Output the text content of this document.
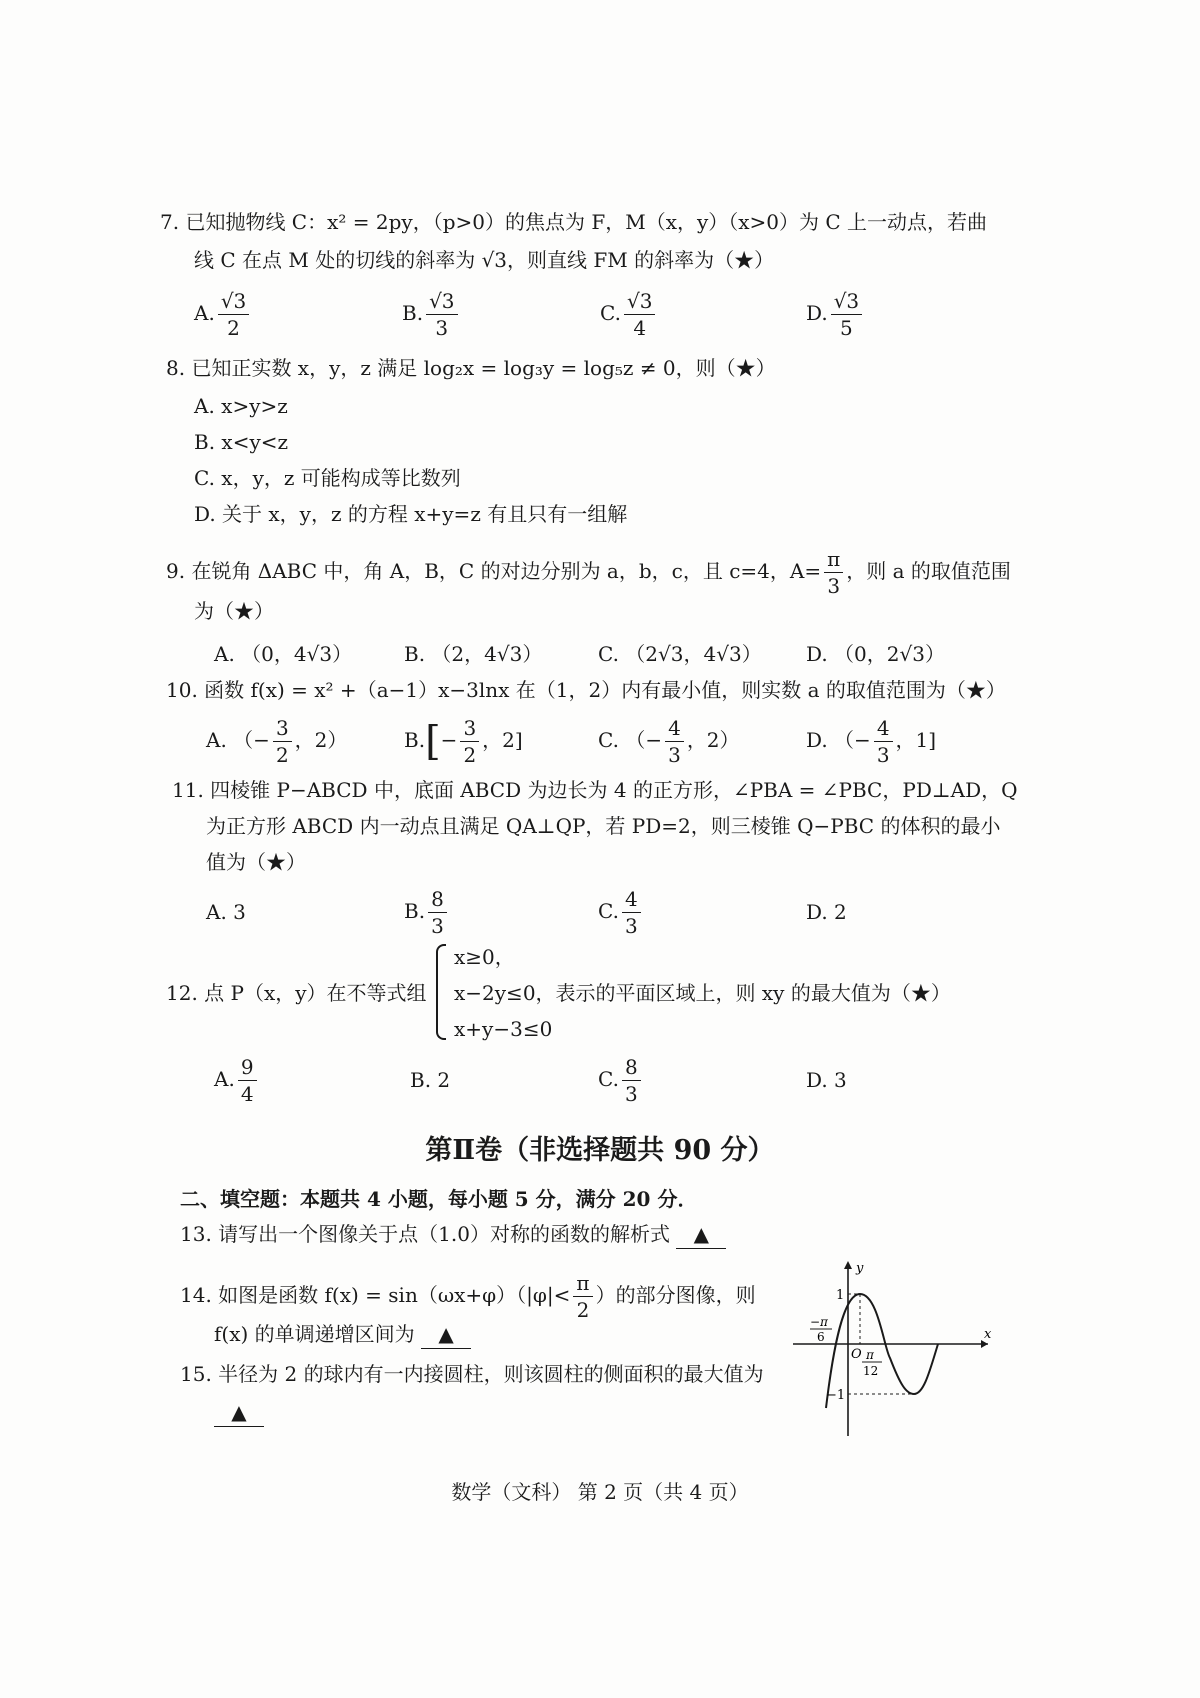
7. 已知抛物线 C：x² = 2py，（p>0）的焦点为 F，M（x，y）（x>0）为 C 上一动点，若曲
线 C 在点 M 处的切线的斜率为 √3，则直线 FM 的斜率为（★）
A. $\frac{√3}{2}$	B. $\frac{√3}{3}$	C. $\frac{√3}{4}$	D. $\frac{√3}{5}$
8. 已知正实数 x，y，z 满足 log₂x = log₃y = log₅z ≠ 0，则（★）
A. x>y>z
B. x<y<z
C. x，y，z 可能构成等比数列
D. 关于 x，y，z 的方程 x+y=z 有且只有一组解
9. 在锐角 ΔABC 中，角 A，B，C 的对边分别为 a，b，c，且 c=4，$A= \frac{\pi}{3}$ ，则 a 的取值范围
为（★）
A. （0，4√3）	B. （2，4√3）	C. （2√3，4√3） D. （0，2√3）
10. 函数 f(x) = x² +（a−1）x−3lnx 在（1，2）内有最小值，则实数 a 的取值范围为（★）
A. （− $\frac{3}{2}$ ，2）	$B.[- \frac{3}{2}$ ，2]	C. （− $\frac{4}{3}$ ，2）	D. （− $\frac{4}{3}$ ，1]
11. 四棱锥 P−ABCD 中，底面 ABCD 为边长为 4 的正方形，∠PBA = ∠PBC，PD⊥AD，Q
为正方形 ABCD 内一动点且满足 QA⊥QP，若 PD=2，则三棱锥 Q−PBC 的体积的最小
值为（★）
A. 3	B. $\frac{8}{3}$	C. $\frac{4}{3}$	D. 2
12. 点 P（x，y）在不等式组
x≥0，
x−2y≤0，表示的平面区域上，则 xy 的最大值为（★）
x+y−3≤0
A. $\frac{9}{4}$	B. 2	C. $\frac{8}{3}$	D. 3
第Ⅱ卷（非选择题共 90 分）
二、填空题：本题共 4 小题，每小题 5 分，满分 20 分．
13. 请写出一个图像关于点（1.0）对称的函数的解析式 ▲
14. 如图是函数 $f(x) = \sin(\omega x+\varphi)(|\varphi|< \frac{\pi}{2}$ ）的部分图像，则
f(x) 的单调递增区间为 ▲
15. 半径为 2 的球内有一内接圆柱，则该圆柱的侧面积的最大值为
▲
y
x
O
1
−1
−π
6
π
12
数学（文科） 第 2 页（共 4 页）
